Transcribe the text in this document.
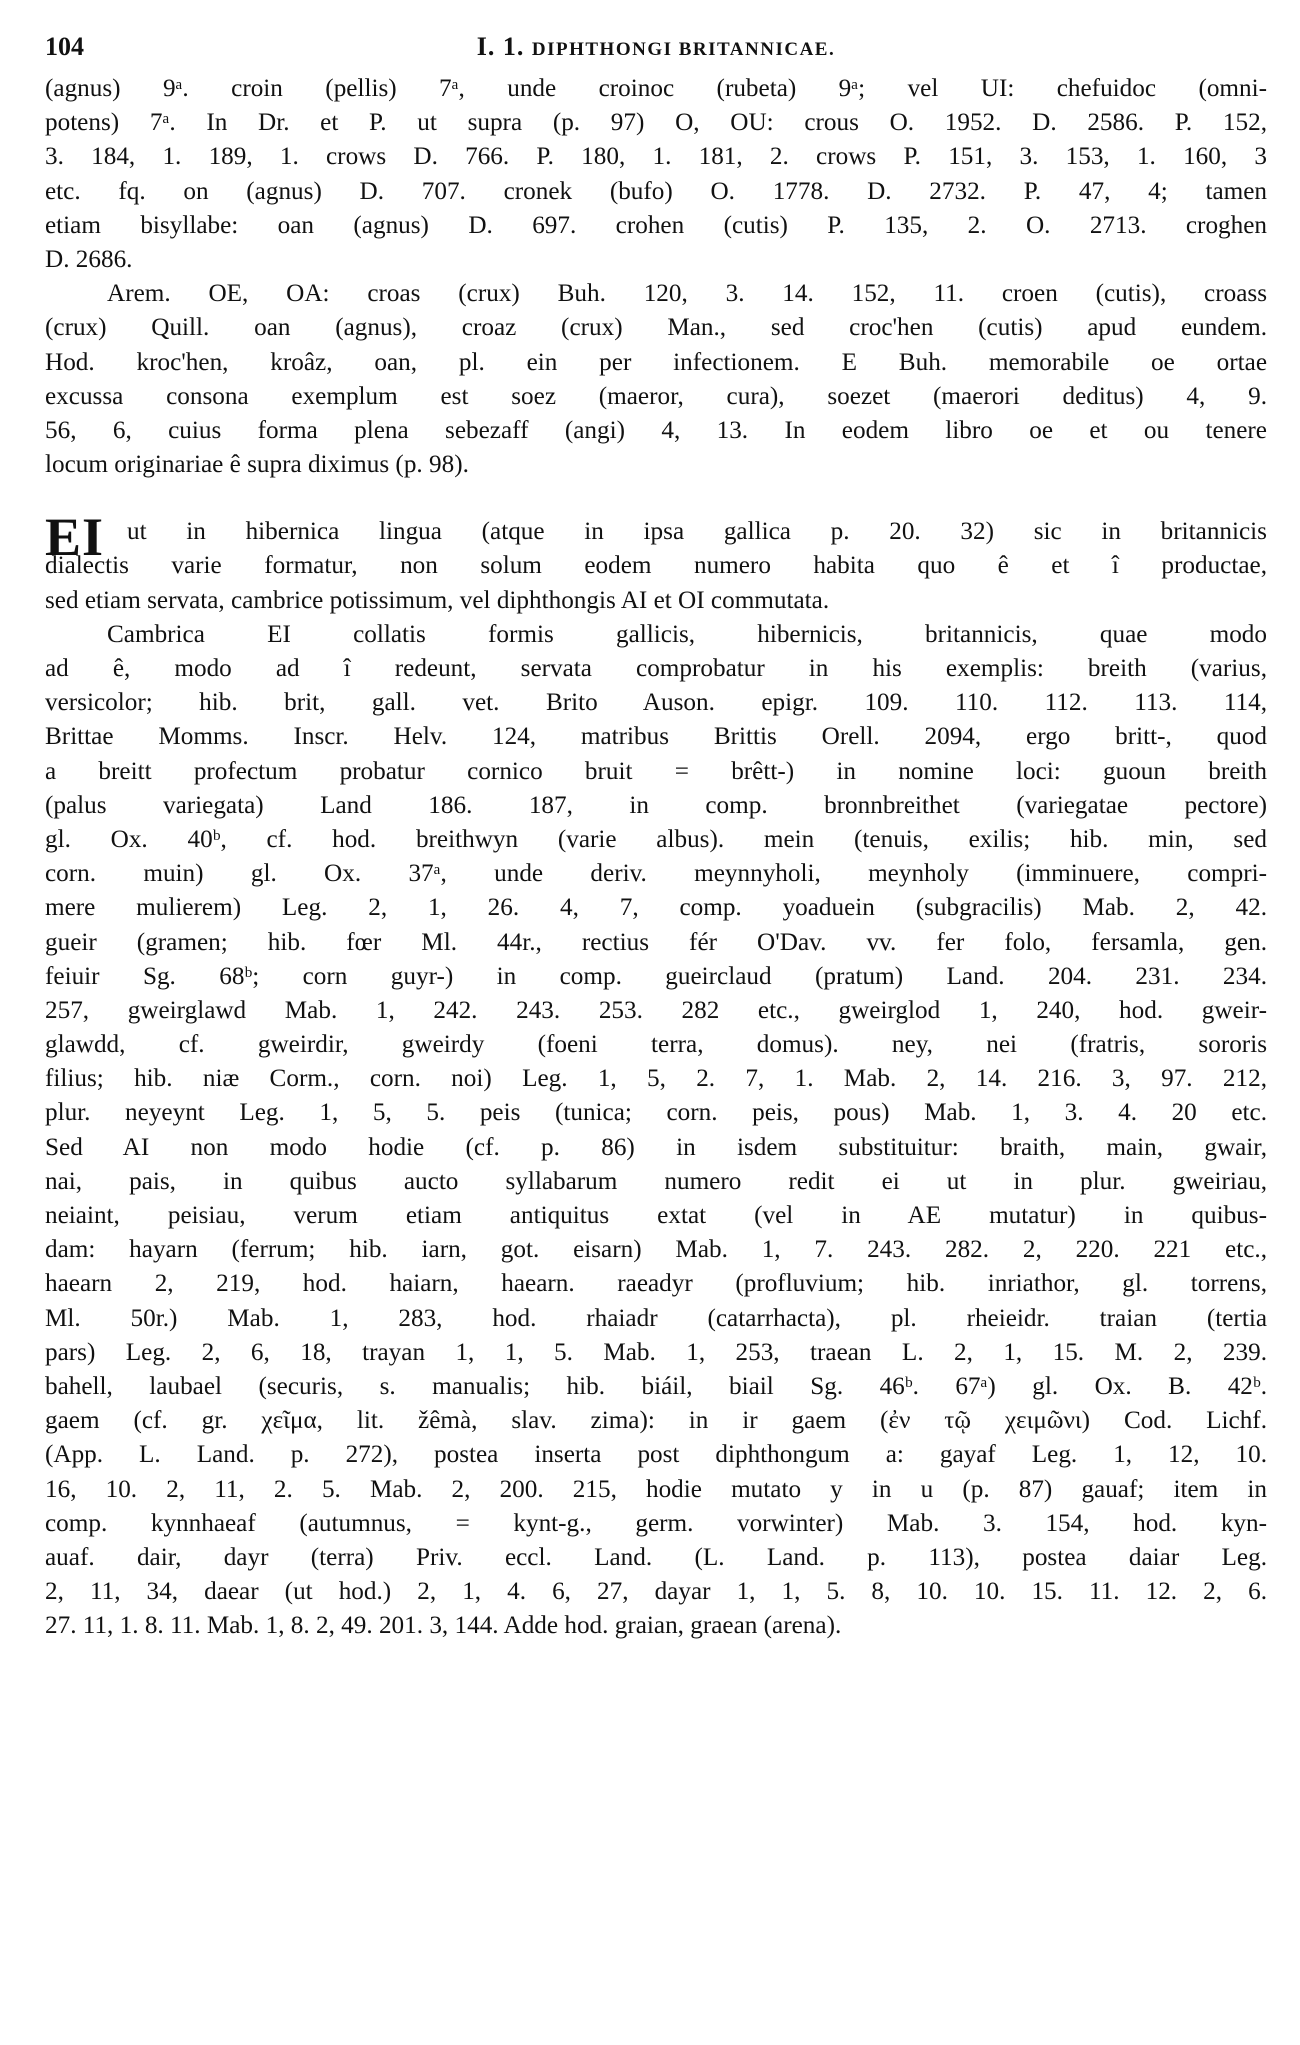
104	I. 1. DIPHTHONGI BRITANNICAE.
(agnus) 9ᵃ. croin (pellis) 7ᵃ, unde croinoc (rubeta) 9ᵃ; vel UI: chefuidoc (omni-
potens) 7ᵃ. In Dr. et P. ut supra (p. 97) O, OU: crous O. 1952. D. 2586. P. 152,
3. 184, 1. 189, 1. crows D. 766. P. 180, 1. 181, 2. crows P. 151, 3. 153, 1. 160, 3
etc. fq. on (agnus) D. 707. cronek (bufo) O. 1778. D. 2732. P. 47, 4; tamen
etiam bisyllabe: oan (agnus) D. 697. crohen (cutis) P. 135, 2. O. 2713. croghen
D. 2686.
Arem. OE, OA: croas (crux) Buh. 120, 3. 14. 152, 11. croen (cutis), croass
(crux) Quill. oan (agnus), croaz (crux) Man., sed croc'hen (cutis) apud eundem.
Hod. kroc'hen, kroâz, oan, pl. ein per infectionem. E Buh. memorabile oe ortae
excussa consona exemplum est soez (maeror, cura), soezet (maerori deditus) 4, 9.
56, 6, cuius forma plena sebezaff (angi) 4, 13. In eodem libro oe et ou tenere
locum originariae ê supra diximus (p. 98).
EI ut in hibernica lingua (atque in ipsa gallica p. 20. 32) sic in britannicis
dialectis varie formatur, non solum eodem numero habita quo ê et î productae,
sed etiam servata, cambrice potissimum, vel diphthongis AI et OI commutata.
Cambrica EI collatis formis gallicis, hibernicis, britannicis, quae modo
ad ê, modo ad î redeunt, servata comprobatur in his exemplis: breith (varius,
versicolor; hib. brit, gall. vet. Brito Auson. epigr. 109. 110. 112. 113. 114,
Brittae Momms. Inscr. Helv. 124, matribus Brittis Orell. 2094, ergo britt-, quod
a breitt profectum probatur cornico bruit = brêtt-) in nomine loci: guoun breith
(palus variegata) Land 186. 187, in comp. bronnbreithet (variegatae pectore)
gl. Ox. 40ᵇ, cf. hod. breithwyn (varie albus). mein (tenuis, exilis; hib. min, sed
corn. muin) gl. Ox. 37ᵃ, unde deriv. meynnyholi, meynholy (imminuere, compri-
mere mulierem) Leg. 2, 1, 26. 4, 7, comp. yoaduein (subgracilis) Mab. 2, 42.
gueir (gramen; hib. fœr Ml. 44r., rectius fér O'Dav. vv. fer folo, fersamla, gen.
feiuir Sg. 68ᵇ; corn guyr-) in comp. gueirclaud (pratum) Land. 204. 231. 234.
257, gweirglawd Mab. 1, 242. 243. 253. 282 etc., gweirglod 1, 240, hod. gweir-
glawdd, cf. gweirdir, gweirdy (foeni terra, domus). ney, nei (fratris, sororis
filius; hib. niæ Corm., corn. noi) Leg. 1, 5, 2. 7, 1. Mab. 2, 14. 216. 3, 97. 212,
plur. neyeynt Leg. 1, 5, 5. peis (tunica; corn. peis, pous) Mab. 1, 3. 4. 20 etc.
Sed AI non modo hodie (cf. p. 86) in isdem substituitur: braith, main, gwair,
nai, pais, in quibus aucto syllabarum numero redit ei ut in plur. gweiriau,
neiaint, peisiau, verum etiam antiquitus extat (vel in AE mutatur) in quibus-
dam: hayarn (ferrum; hib. iarn, got. eisarn) Mab. 1, 7. 243. 282. 2, 220. 221 etc.,
haearn 2, 219, hod. haiarn, haearn. raeadyr (profluvium; hib. inriathor, gl. torrens,
Ml. 50r.) Mab. 1, 283, hod. rhaiadr (catarrhacta), pl. rheieidr. traian (tertia
pars) Leg. 2, 6, 18, trayan 1, 1, 5. Mab. 1, 253, traean L. 2, 1, 15. M. 2, 239.
bahell, laubael (securis, s. manualis; hib. biáil, biail Sg. 46ᵇ. 67ᵃ) gl. Ox. B. 42ᵇ.
gaem (cf. gr. χεῖμα, lit. žêmà, slav. zima): in ir gaem (ἐν τῷ χειμῶνι) Cod. Lichf.
(App. L. Land. p. 272), postea inserta post diphthongum a: gayaf Leg. 1, 12, 10.
16, 10. 2, 11, 2. 5. Mab. 2, 200. 215, hodie mutato y in u (p. 87) gauaf; item in
comp. kynnhaeaf (autumnus, = kynt-g., germ. vorwinter) Mab. 3. 154, hod. kyn-
auaf. dair, dayr (terra) Priv. eccl. Land. (L. Land. p. 113), postea daiar Leg.
2, 11, 34, daear (ut hod.) 2, 1, 4. 6, 27, dayar 1, 1, 5. 8, 10. 10. 15. 11. 12. 2, 6.
27. 11, 1. 8. 11. Mab. 1, 8. 2, 49. 201. 3, 144. Adde hod. graian, graean (arena).
